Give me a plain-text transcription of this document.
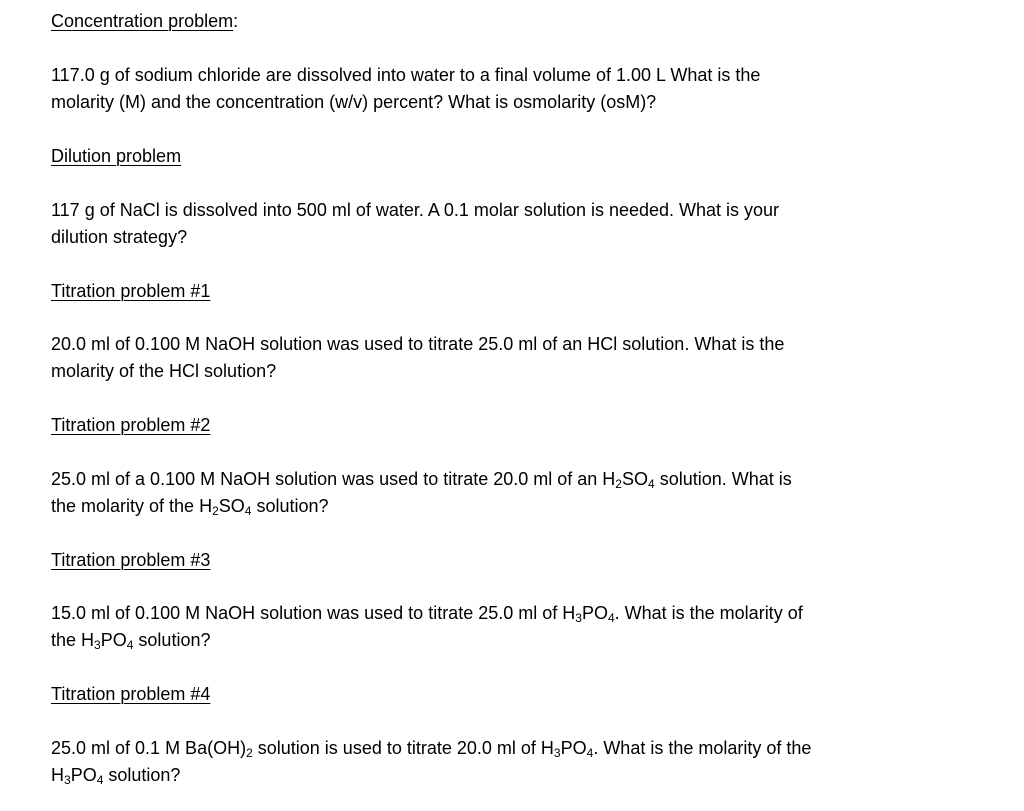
Concentration problem:
117.0 g of sodium chloride are dissolved into water to a final volume of 1.00 L What is the
molarity (M) and the concentration (w/v) percent? What is osmolarity (osM)?
Dilution problem
117 g of NaCl is dissolved into 500 ml of water. A 0.1 molar solution is needed. What is your
dilution strategy?
Titration problem #1
20.0 ml of 0.100 M NaOH solution was used to titrate 25.0 ml of an HCl solution. What is the
molarity of the HCl solution?
Titration problem #2
25.0 ml of a 0.100 M NaOH solution was used to titrate 20.0 ml of an $H_2SO_4$ solution. What is
the molarity of the $H_2SO_4$ solution?
Titration problem #3
15.0 ml of 0.100 M NaOH solution was used to titrate 25.0 ml of $H_3PO_4$. What is the molarity of
the $H_3PO_4$ solution?
Titration problem #4
25.0 ml of 0.1 M $Ba(OH)_2$ solution is used to titrate 20.0 ml of $H_3PO_4$. What is the molarity of the
$H_3PO_4$ solution?
